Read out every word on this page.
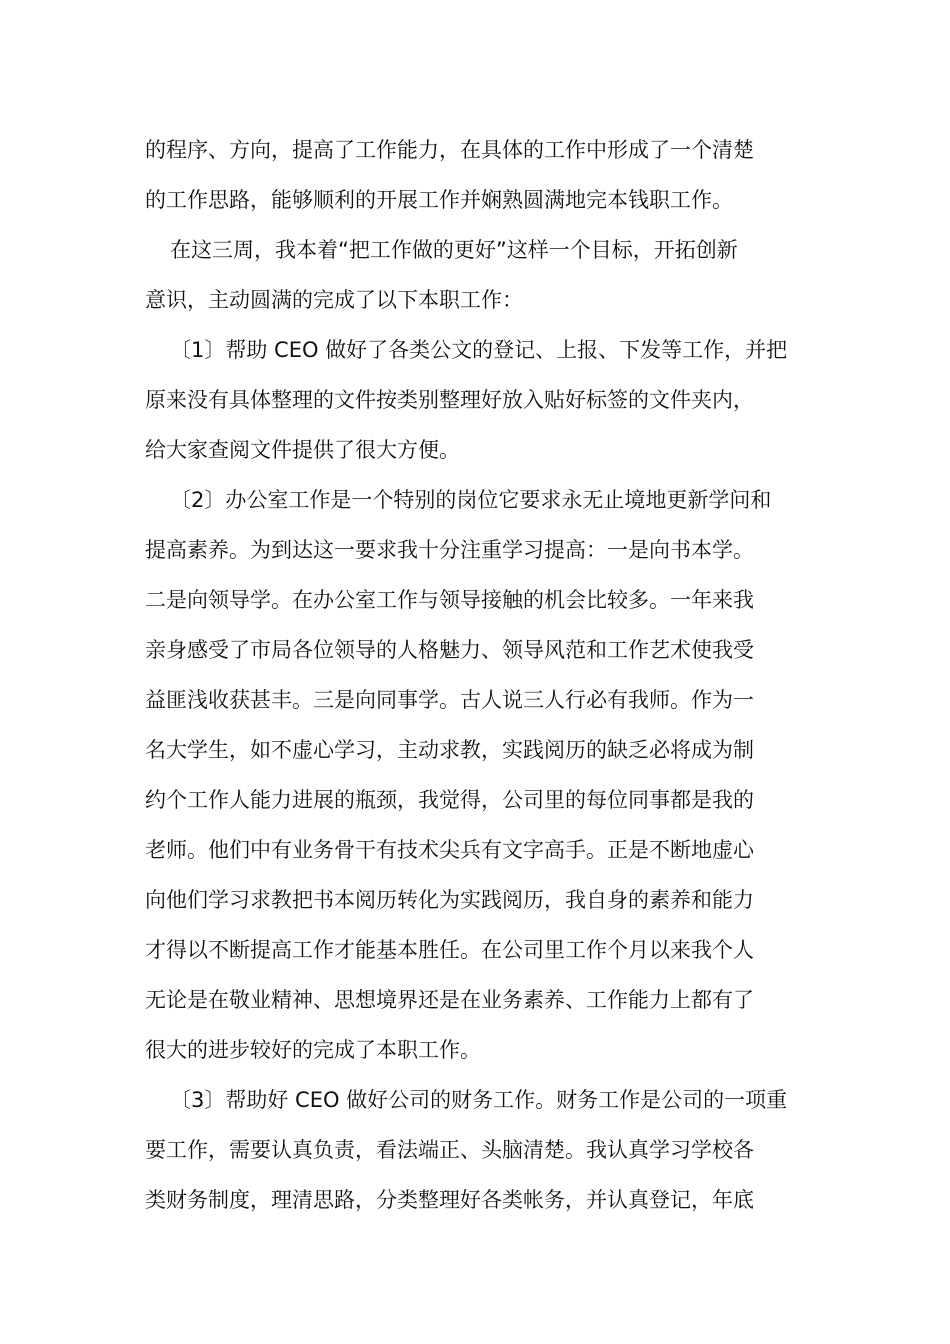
的程序、方向，提高了工作能力，在具体的工作中形成了一个清楚
的工作思路，能够顺利的开展工作并娴熟圆满地完本钱职工作。
在这三周，我本着“把工作做的更好”这样一个目标，开拓创新
意识，主动圆满的完成了以下本职工作：
〔1〕帮助 CEO 做好了各类公文的登记、上报、下发等工作，并把
原来没有具体整理的文件按类别整理好放入贴好标签的文件夹内，
给大家查阅文件提供了很大方便。
〔2〕办公室工作是一个特别的岗位它要求永无止境地更新学问和
提高素养。为到达这一要求我十分注重学习提高：一是向书本学。
二是向领导学。在办公室工作与领导接触的机会比较多。一年来我
亲身感受了市局各位领导的人格魅力、领导风范和工作艺术使我受
益匪浅收获甚丰。三是向同事学。古人说三人行必有我师。作为一
名大学生，如不虚心学习，主动求教，实践阅历的缺乏必将成为制
约个工作人能力进展的瓶颈，我觉得，公司里的每位同事都是我的
老师。他们中有业务骨干有技术尖兵有文字高手。正是不断地虚心
向他们学习求教把书本阅历转化为实践阅历，我自身的素养和能力
才得以不断提高工作才能基本胜任。在公司里工作个月以来我个人
无论是在敬业精神、思想境界还是在业务素养、工作能力上都有了
很大的进步较好的完成了本职工作。
〔3〕帮助好 CEO 做好公司的财务工作。财务工作是公司的一项重
要工作，需要认真负责，看法端正、头脑清楚。我认真学习学校各
类财务制度，理清思路，分类整理好各类帐务，并认真登记，年底
